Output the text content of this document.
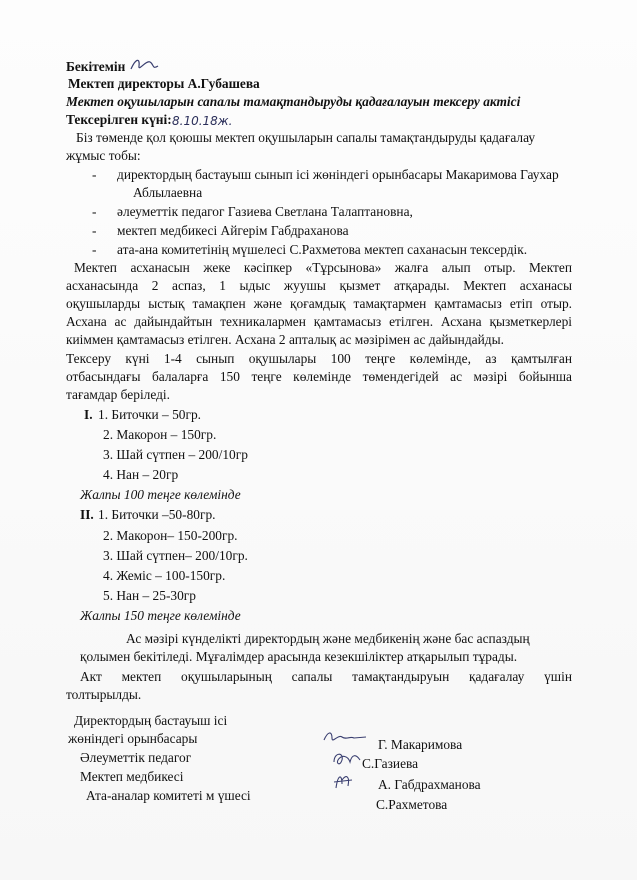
Бекітемін
Мектеп директоры А.Губашева
Мектеп оқушыларын сапалы тамақтандыруды қадағалауын тексеру актісі
Тексерілген күні: 8.10.18ж.
Біз төменде қол қоюшы мектеп оқушыларын сапалы тамақтандыруды қадағалау
жұмыс тобы:
- директордың бастауыш сынып ісі жөніндегі орынбасары Макаримова Гаухар
Аблылаевна
- әлеуметтік педагог Газиева Светлана Талаптановна,
- мектеп медбикесі Айгерім Габдраханова
- ата-ана комитетінің мүшелесі С.Рахметова мектеп саханасын тексердік.
Мектеп асханасын жеке кәсіпкер «Тұрсынова» жалға алып отыр. Мектеп
асханасында 2 аспаз, 1 ыдыс жуушы қызмет атқарады. Мектеп асханасы
оқушыларды ыстық тамақпен және қоғамдық тамақтармен қамтамасыз етіп отыр.
Асхана ас дайындайтын техникалармен қамтамасыз етілген. Асхана қызметкерлері
киіммен қамтамасыз етілген. Асхана 2 апталық ас мәзірімен ас дайындайды.
Тексеру күні 1-4 сынып оқушылары 100 теңге көлемінде, аз қамтылған
отбасындағы балаларға 150 теңге көлемінде төмендегідей ас мәзірі бойынша
тағамдар беріледі.
I. 1. Биточки – 50гр.
2. Макорон – 150гр.
3. Шай сүтпен – 200/10гр
4. Нан – 20гр
Жалпы 100 теңге көлемінде
II. 1. Биточки –50-80гр.
2. Макорон– 150-200гр.
3. Шай сүтпен– 200/10гр.
4. Жеміс – 100-150гр.
5. Нан – 25-30гр
Жалпы 150 теңге көлемінде
Ас мәзірі күнделікті директордың және медбикенің және бас аспаздың
қолымен бекітіледі. Мұғалімдер арасында кезекшіліктер атқарылып тұрады.
Акт мектеп оқушыларының сапалы тамақтандыруын қадағалау үшін
толтырылды.
Директордың бастауыш ісі
жөніндегі орынбасары
Әлеуметтік педагог
Мектеп медбикесі
Ата-аналар комитеті м үшесі
Г. Макаримова
С.Газиева
А. Габдрахманова
С.Рахметова
